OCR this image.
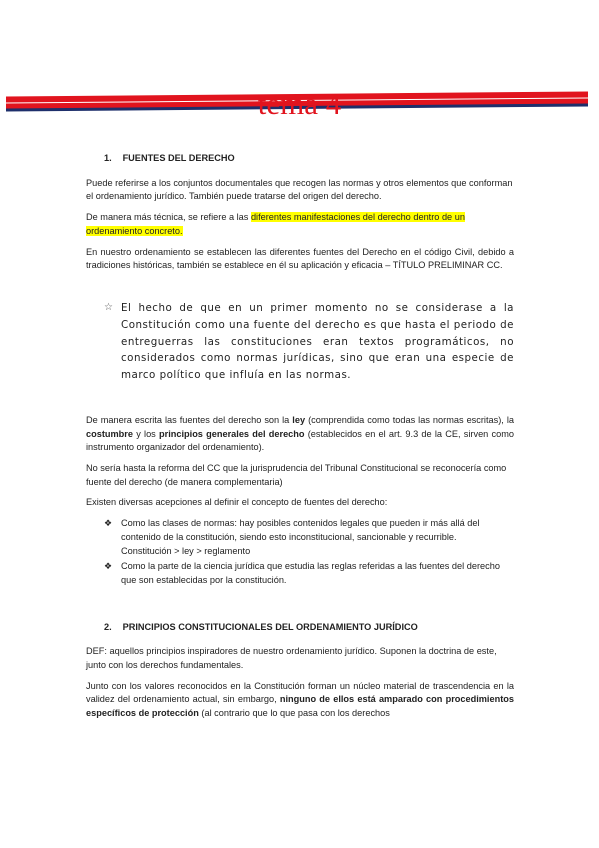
tema 4
1. FUENTES DEL DERECHO

Puede referirse a los conjuntos documentales que recogen las normas y otros elementos que conforman el ordenamiento jurídico. También puede tratarse del origen del derecho.

De manera más técnica, se refiere a las diferentes manifestaciones del derecho dentro de un ordenamiento concreto.

En nuestro ordenamiento se establecen las diferentes fuentes del Derecho en el código Civil, debido a tradiciones históricas, también se establece en él su aplicación y eficacia – TÍTULO PRELIMINAR CC.

☆ El hecho de que en un primer momento no se considerase a la Constitución como una fuente del derecho es que hasta el periodo de entreguerras las constituciones eran textos programáticos, no considerados como normas jurídicas, sino que eran una especie de marco político que influía en las normas.

De manera escrita las fuentes del derecho son la ley (comprendida como todas las normas escritas), la costumbre y los principios generales del derecho (establecidos en el art. 9.3 de la CE, sirven como instrumento organizador del ordenamiento).

No sería hasta la reforma del CC que la jurisprudencia del Tribunal Constitucional se reconocería como fuente del derecho (de manera complementaria)

Existen diversas acepciones al definir el concepto de fuentes del derecho:

❖ Como las clases de normas: hay posibles contenidos legales que pueden ir más allá del contenido de la constitución, siendo esto inconstitucional, sancionable y recurrible.
Constitución > ley > reglamento
❖ Como la parte de la ciencia jurídica que estudia las reglas referidas a las fuentes del derecho que son establecidas por la constitución.
2. PRINCIPIOS CONSTITUCIONALES DEL ORDENAMIENTO JURÍDICO

DEF: aquellos principios inspiradores de nuestro ordenamiento jurídico. Suponen la doctrina de este, junto con los derechos fundamentales.

Junto con los valores reconocidos en la Constitución forman un núcleo material de trascendencia en la validez del ordenamiento actual, sin embargo, ninguno de ellos está amparado con procedimientos específicos de protección (al contrario que lo que pasa con los derechos
